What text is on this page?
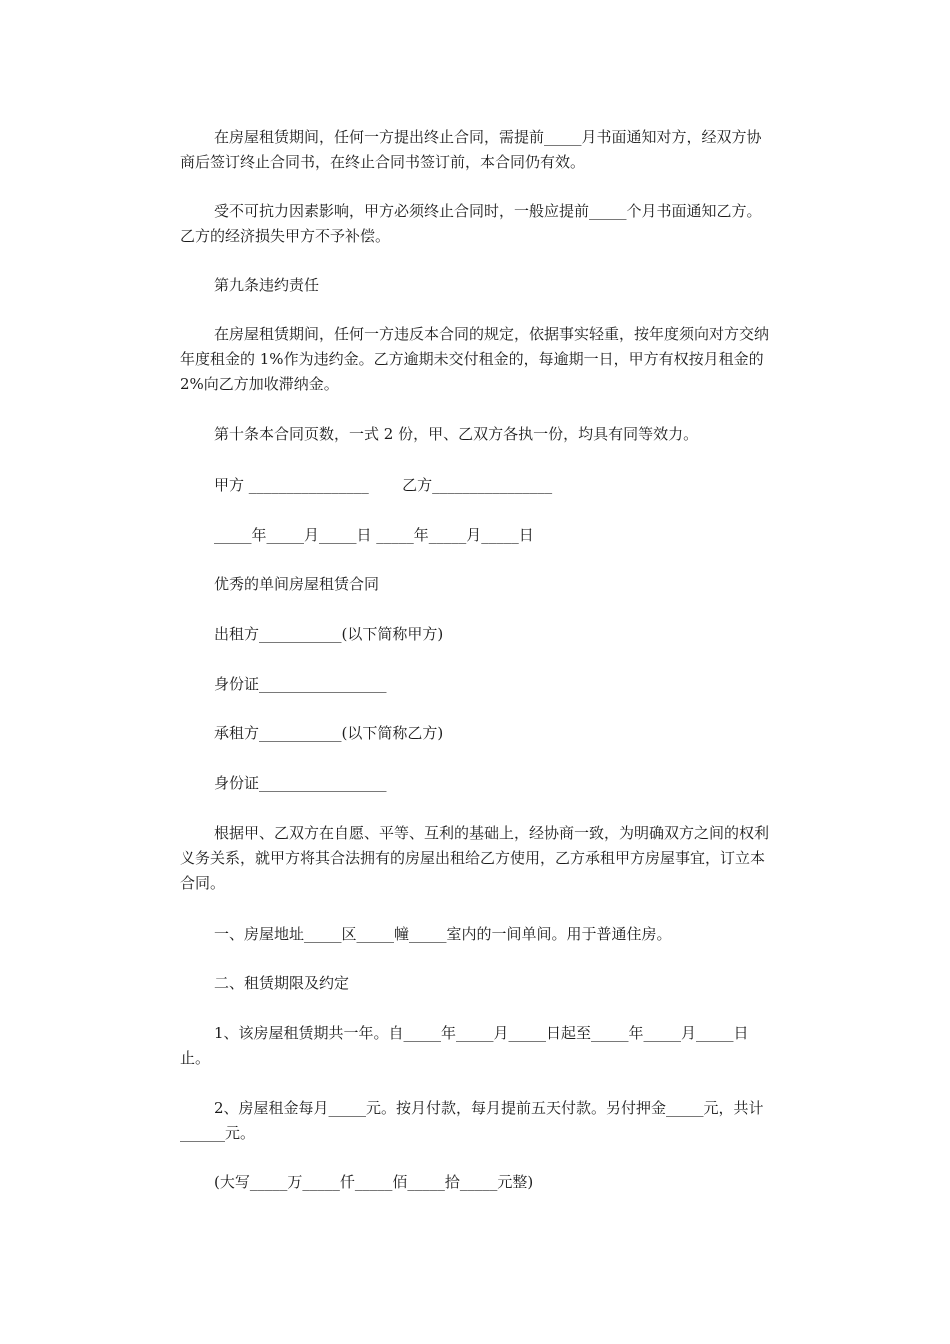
在房屋租赁期间，任何一方提出终止合同，需提前_____月书面通知对方，经双方协商后签订终止合同书，在终止合同书签订前，本合同仍有效。

受不可抗力因素影响，甲方必须终止合同时，一般应提前_____个月书面通知乙方。乙方的经济损失甲方不予补偿。

第九条违约责任

在房屋租赁期间，任何一方违反本合同的规定，依据事实轻重，按年度须向对方交纳年度租金的 1%作为违约金。乙方逾期未交付租金的，每逾期一日，甲方有权按月租金的 2%向乙方加收滞纳金。

第十条本合同页数，一式 2 份，甲、乙双方各执一份，均具有同等效力。

甲方 ________________       乙方________________

_____年_____月_____日 _____年_____月_____日

优秀的单间房屋租赁合同

出租方___________(以下简称甲方)

身份证_________________

承租方___________(以下简称乙方)

身份证_________________

根据甲、乙双方在自愿、平等、互利的基础上，经协商一致，为明确双方之间的权利义务关系，就甲方将其合法拥有的房屋出租给乙方使用，乙方承租甲方房屋事宜，订立本合同。

一、房屋地址_____区_____幢_____室内的一间单间。用于普通住房。

二、租赁期限及约定

1、该房屋租赁期共一年。自_____年_____月_____日起至_____年_____月_____日止。

2、房屋租金每月_____元。按月付款，每月提前五天付款。另付押金_____元，共计______元。

(大写_____万_____仟_____佰_____拾_____元整)
